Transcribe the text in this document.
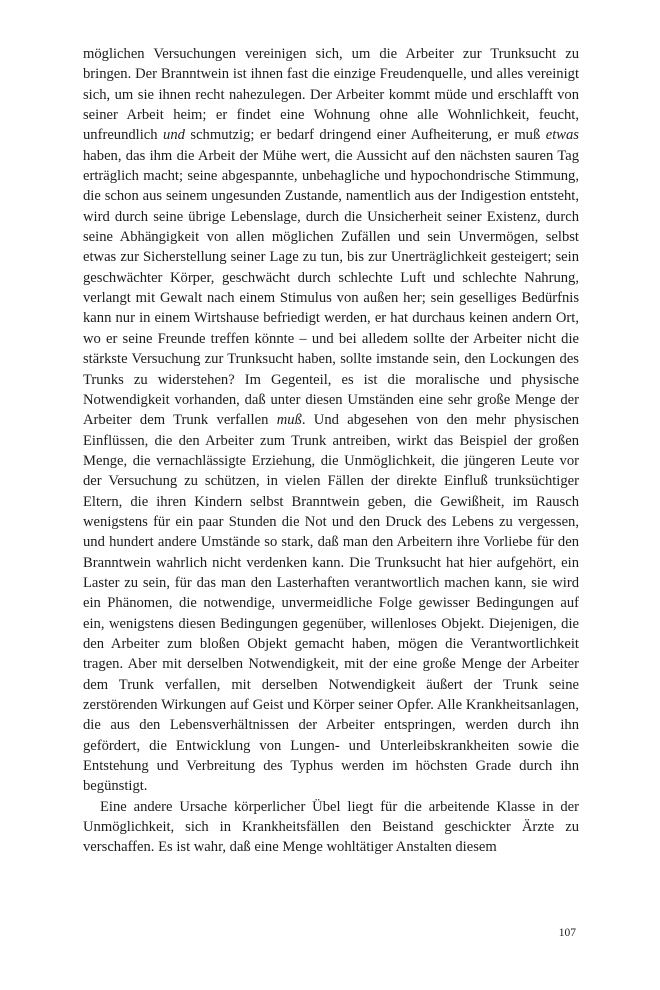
möglichen Versuchungen vereinigen sich, um die Arbeiter zur Trunksucht zu bringen. Der Branntwein ist ihnen fast die einzige Freudenquelle, und alles vereinigt sich, um sie ihnen recht nahezulegen. Der Arbeiter kommt müde und erschlafft von seiner Arbeit heim; er findet eine Wohnung ohne alle Wohnlichkeit, feucht, unfreundlich und schmutzig; er bedarf dringend einer Aufheiterung, er muß etwas haben, das ihm die Arbeit der Mühe wert, die Aussicht auf den nächsten sauren Tag erträglich macht; seine abgespannte, unbehagliche und hypochondrische Stimmung, die schon aus seinem ungesunden Zustande, namentlich aus der Indigestion entsteht, wird durch seine übrige Lebenslage, durch die Unsicherheit seiner Existenz, durch seine Abhängigkeit von allen möglichen Zufällen und sein Unvermögen, selbst etwas zur Sicherstellung seiner Lage zu tun, bis zur Unerträglichkeit gesteigert; sein geschwächter Körper, geschwächt durch schlechte Luft und schlechte Nahrung, verlangt mit Gewalt nach einem Stimulus von außen her; sein geselliges Bedürfnis kann nur in einem Wirtshause befriedigt werden, er hat durchaus keinen andern Ort, wo er seine Freunde treffen könnte – und bei alledem sollte der Arbeiter nicht die stärkste Versuchung zur Trunksucht haben, sollte imstande sein, den Lockungen des Trunks zu widerstehen? Im Gegenteil, es ist die moralische und physische Notwendigkeit vorhanden, daß unter diesen Umständen eine sehr große Menge der Arbeiter dem Trunk verfallen muß. Und abgesehen von den mehr physischen Einflüssen, die den Arbeiter zum Trunk antreiben, wirkt das Beispiel der großen Menge, die vernachlässigte Erziehung, die Unmöglichkeit, die jüngeren Leute vor der Versuchung zu schützen, in vielen Fällen der direkte Einfluß trunksüchtiger Eltern, die ihren Kindern selbst Branntwein geben, die Gewißheit, im Rausch wenigstens für ein paar Stunden die Not und den Druck des Lebens zu vergessen, und hundert andere Umstände so stark, daß man den Arbeitern ihre Vorliebe für den Branntwein wahrlich nicht verdenken kann. Die Trunksucht hat hier aufgehört, ein Laster zu sein, für das man den Lasterhaften verantwortlich machen kann, sie wird ein Phänomen, die notwendige, unvermeidliche Folge gewisser Bedingungen auf ein, wenigstens diesen Bedingungen gegenüber, willenloses Objekt. Diejenigen, die den Arbeiter zum bloßen Objekt gemacht haben, mögen die Verantwortlichkeit tragen. Aber mit derselben Notwendigkeit, mit der eine große Menge der Arbeiter dem Trunk verfallen, mit derselben Notwendigkeit äußert der Trunk seine zerstörenden Wirkungen auf Geist und Körper seiner Opfer. Alle Krankheitsanlagen, die aus den Lebensverhältnissen der Arbeiter entspringen, werden durch ihn gefördert, die Entwicklung von Lungen- und Unterleibskrankheiten sowie die Entstehung und Verbreitung des Typhus werden im höchsten Grade durch ihn begünstigt.

Eine andere Ursache körperlicher Übel liegt für die arbeitende Klasse in der Unmöglichkeit, sich in Krankheitsfällen den Beistand geschickter Ärzte zu verschaffen. Es ist wahr, daß eine Menge wohltätiger Anstalten diesem

107
